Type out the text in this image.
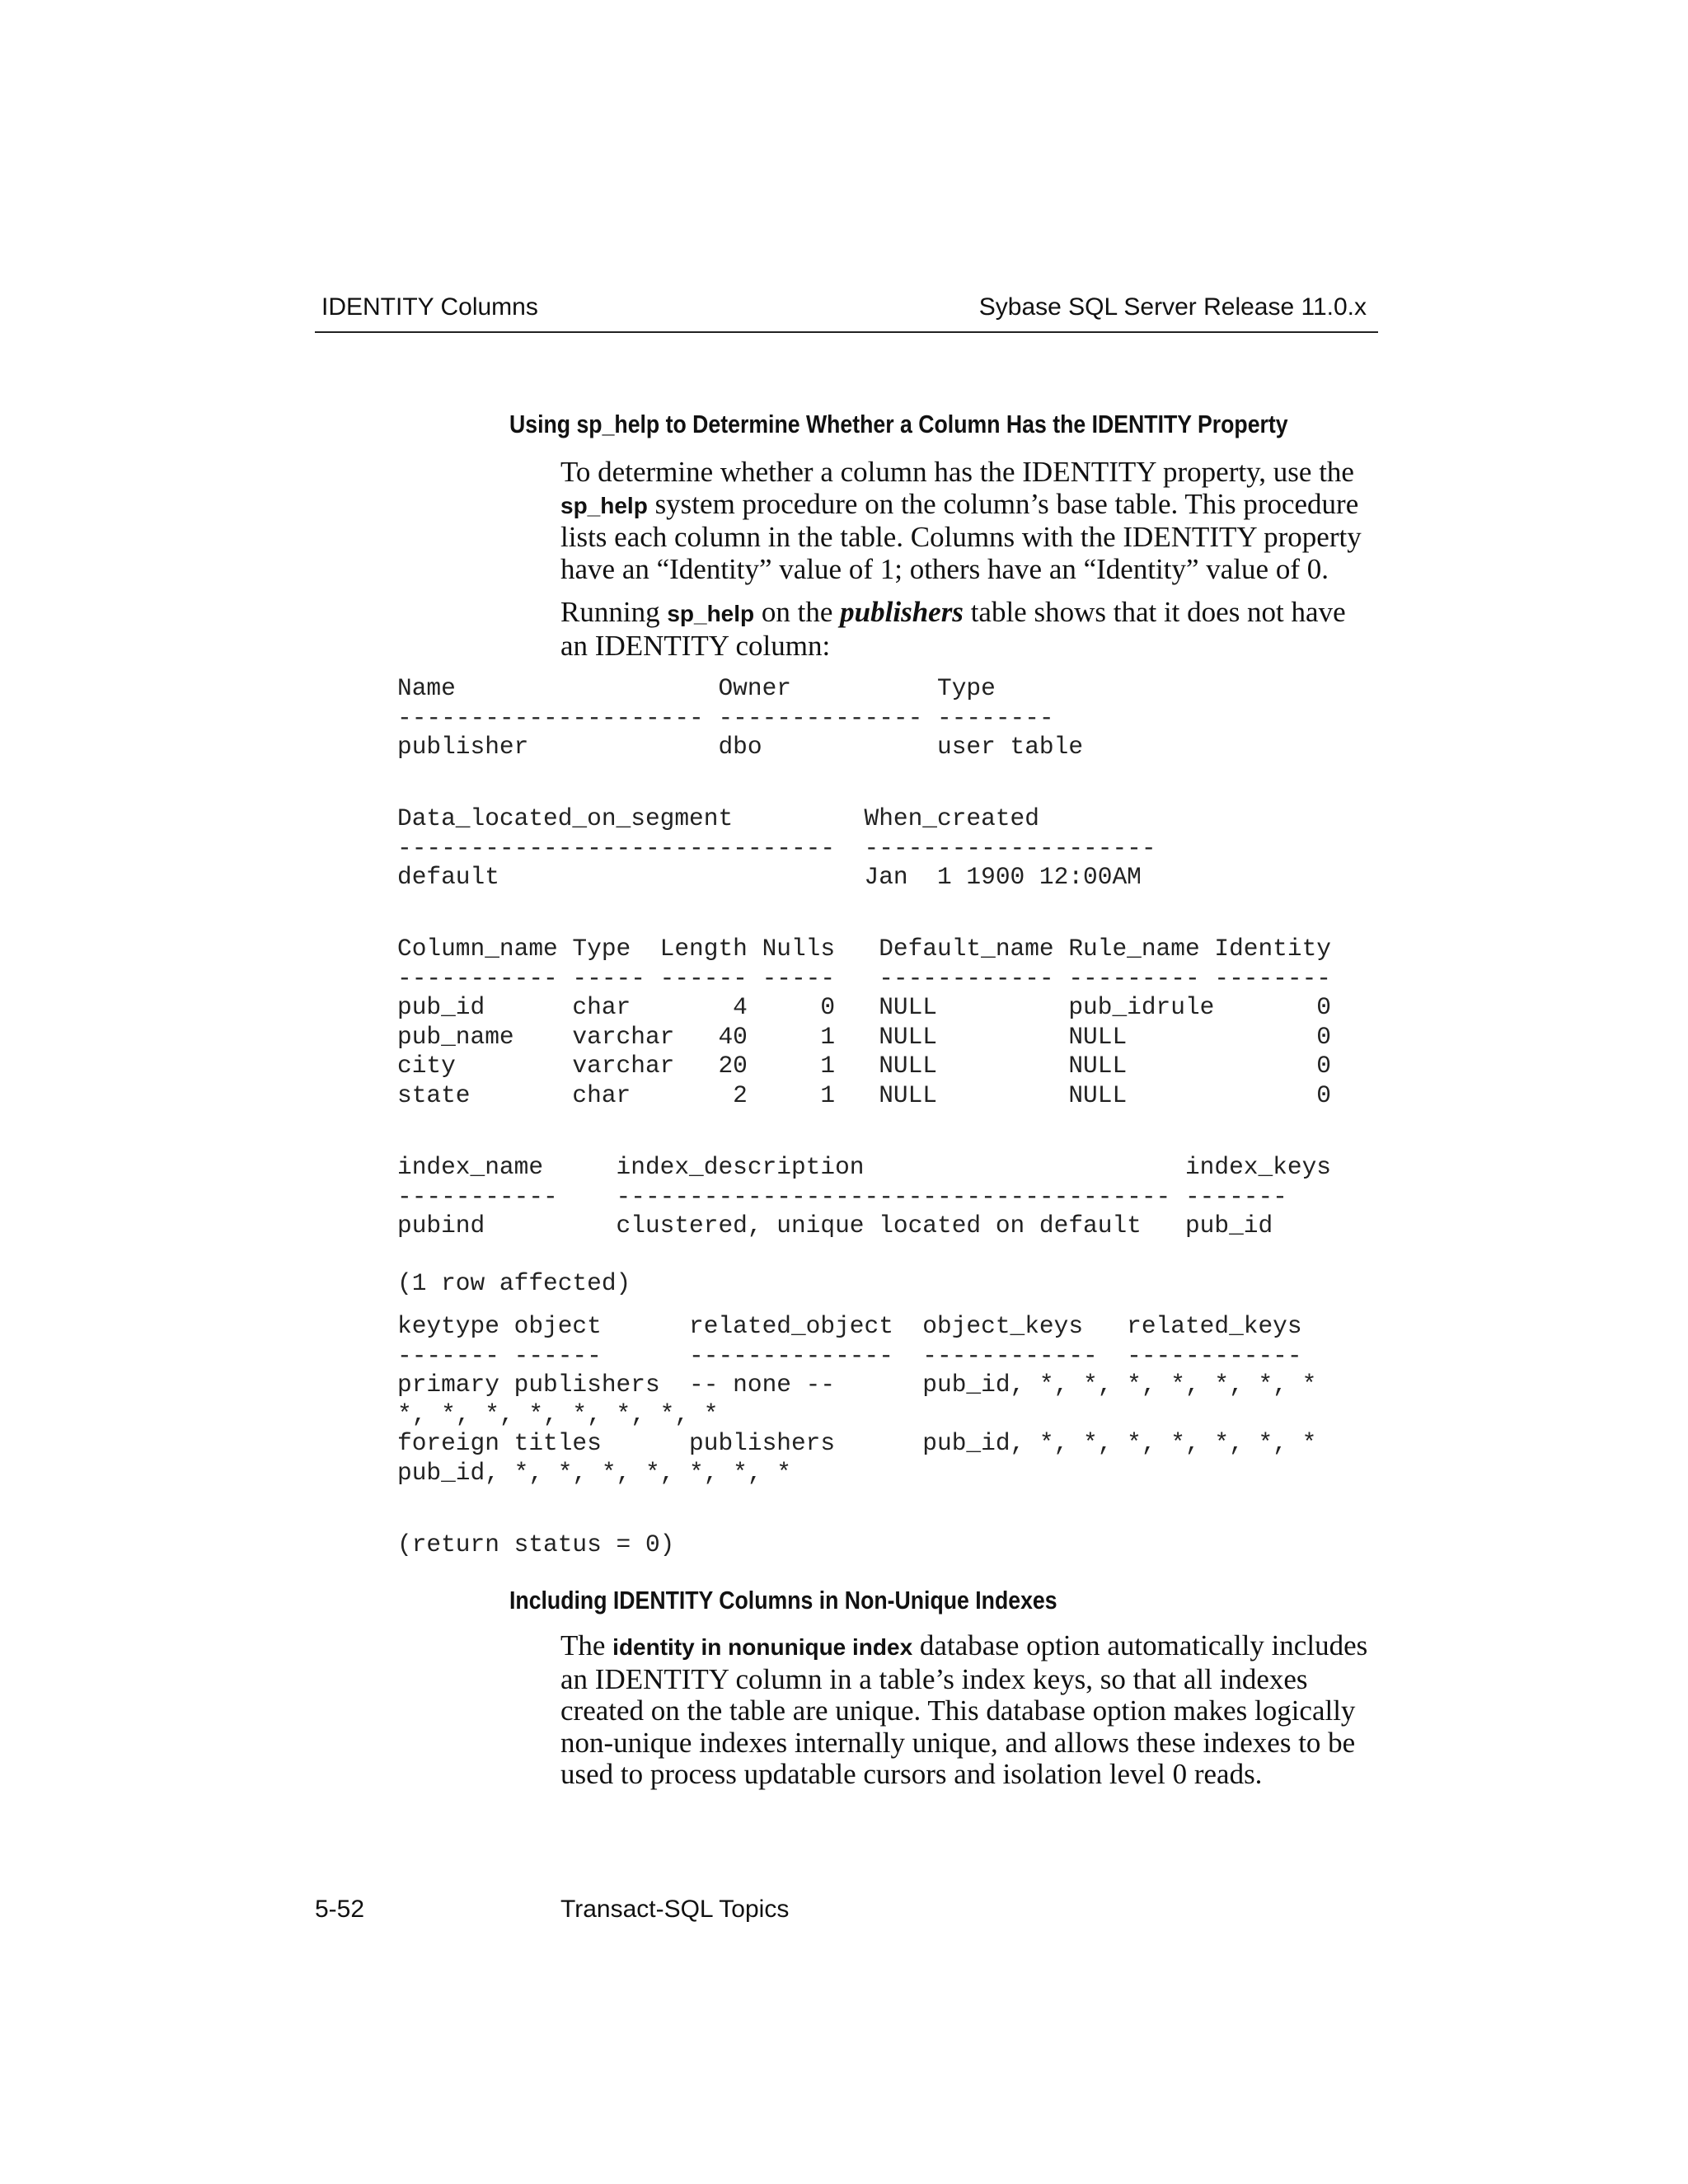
IDENTITY Columns	Sybase SQL Server Release 11.0.x
Using sp_help to Determine Whether a Column Has the IDENTITY Property

To determine whether a column has the IDENTITY property, use the sp_help system procedure on the column’s base table. This procedure lists each column in the table. Columns with the IDENTITY property have an “Identity” value of 1; others have an “Identity” value of 0.

Running sp_help on the publishers table shows that it does not have an IDENTITY column:

Name                  Owner          Type
--------------------- -------------- --------
publisher             dbo            user table
Data_located_on_segment         When_created
------------------------------  --------------------
default                         Jan  1 1900 12:00AM
Column_name Type  Length Nulls   Default_name Rule_name Identity
----------- ----- ------ -----   ------------ --------- --------
pub_id      char       4     0   NULL         pub_idrule       0
pub_name    varchar   40     1   NULL         NULL             0
city        varchar   20     1   NULL         NULL             0
state       char       2     1   NULL         NULL             0
index_name     index_description                      index_keys
-----------    -------------------------------------- -------
pubind         clustered, unique located on default   pub_id
(1 row affected)
keytype object      related_object  object_keys   related_keys
------- ------      --------------  ------------  ------------
primary publishers  -- none --      pub_id, *, *, *, *, *, *, *
*, *, *, *, *, *, *, *
foreign titles      publishers      pub_id, *, *, *, *, *, *, *
pub_id, *, *, *, *, *, *, *
(return status = 0)
Including IDENTITY Columns in Non-Unique Indexes

The identity in nonunique index database option automatically includes an IDENTITY column in a table’s index keys, so that all indexes created on the table are unique. This database option makes logically non-unique indexes internally unique, and allows these indexes to be used to process updatable cursors and isolation level 0 reads.

5-52	Transact-SQL Topics
